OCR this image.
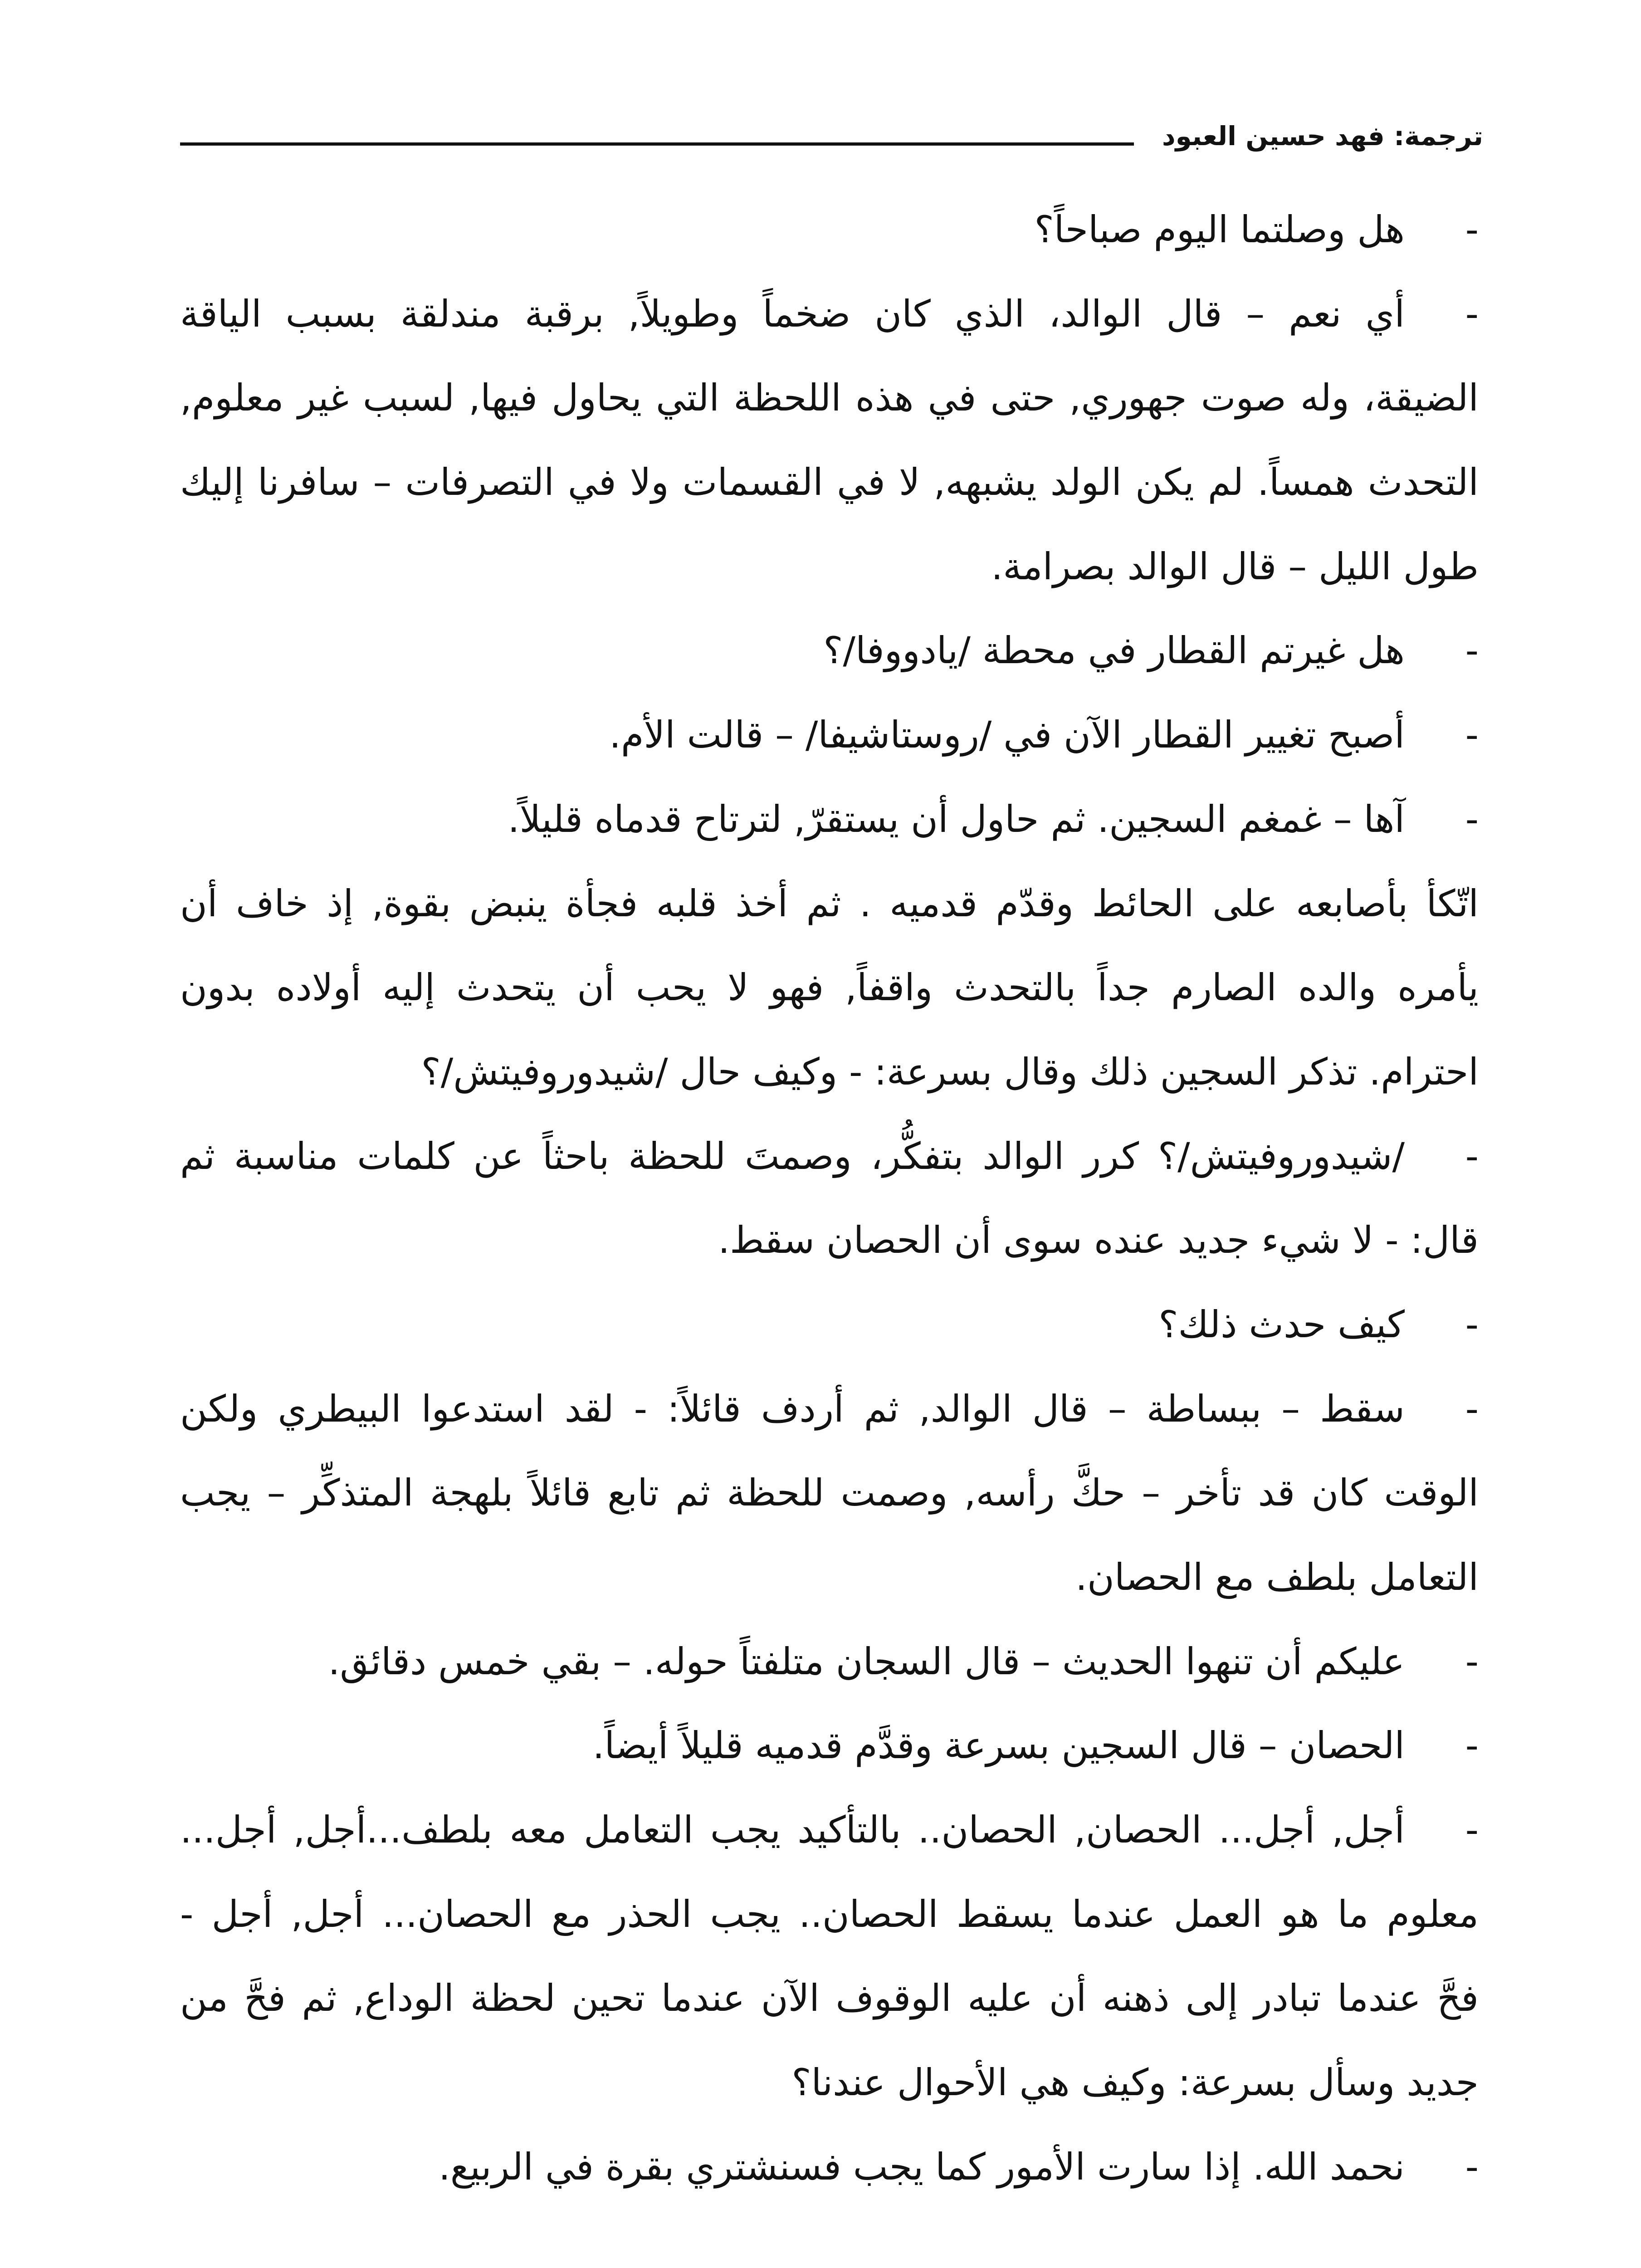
ترجمة: فهد حسين العبود
-
هل وصلتما اليوم صباحاً؟
-
أي نعم – قال الوالد، الذي كان ضخماً وطويلاً, برقبة مندلقة بسبب الياقة
الضيقة، وله صوت جهوري, حتى في هذه اللحظة التي يحاول فيها, لسبب غير معلوم,
التحدث همساً. لم يكن الولد يشبهه, لا في القسمات ولا في التصرفات – سافرنا إليك
طول الليل – قال الوالد بصرامة.
-
هل غيرتم القطار في محطة /يادووفا/؟
-
أصبح تغيير القطار الآن في /روستاشيفا/ – قالت الأم.
-
آها – غمغم السجين. ثم حاول أن يستقرّ, لترتاح قدماه قليلاً.
اتّكأ بأصابعه على الحائط وقدّم قدميه . ثم أخذ قلبه فجأة ينبض بقوة, إذ خاف أن
يأمره والده الصارم جداً بالتحدث واقفاً, فهو لا يحب أن يتحدث إليه أولاده بدون
احترام. تذكر السجين ذلك وقال بسرعة: - وكيف حال /شيدوروفيتش/؟
-
/شيدوروفيتش/؟ كرر الوالد بتفكُّر، وصمتَ للحظة باحثاً عن كلمات مناسبة ثم
قال: - لا شيء جديد عنده سوى أن الحصان سقط.
-
كيف حدث ذلك؟
-
سقط – ببساطة – قال الوالد, ثم أردف قائلاً: - لقد استدعوا البيطري ولكن
الوقت كان قد تأخر – حكَّ رأسه, وصمت للحظة ثم تابع قائلاً بلهجة المتذكِّر – يجب
التعامل بلطف مع الحصان.
-
عليكم أن تنهوا الحديث – قال السجان متلفتاً حوله. – بقي خمس دقائق.
-
الحصان – قال السجين بسرعة وقدَّم قدميه قليلاً أيضاً.
-
أجل, أجل... الحصان, الحصان.. بالتأكيد يجب التعامل معه بلطف...أجل, أجل...
معلوم ما هو العمل عندما يسقط الحصان.. يجب الحذر مع الحصان... أجل, أجل -
فحَّ عندما تبادر إلى ذهنه أن عليه الوقوف الآن عندما تحين لحظة الوداع, ثم فحَّ من
جديد وسأل بسرعة: وكيف هي الأحوال عندنا؟
-
نحمد الله. إذا سارت الأمور كما يجب فسنشتري بقرة في الربيع.
